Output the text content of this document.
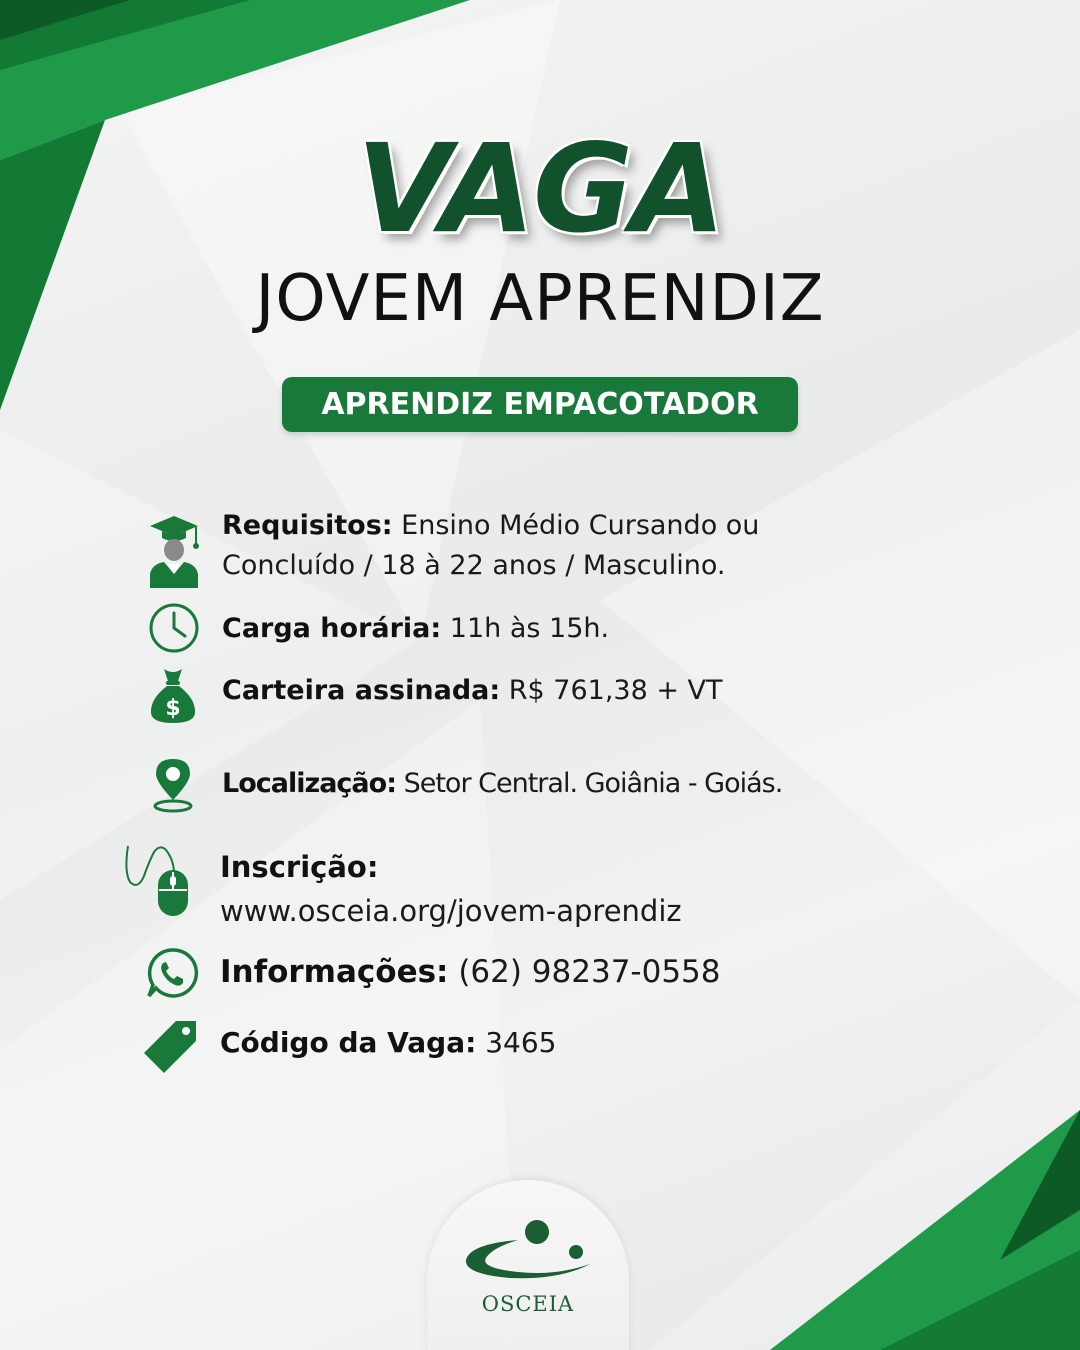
VAGA
JOVEM APRENDIZ
APRENDIZ EMPACOTADOR
Requisitos: Ensino Médio Cursando ou
Concluído / 18 à 22 anos / Masculino.
Carga horária: 11h às 15h.
$
Carteira assinada: R$ 761,38 + VT
Localização: Setor Central. Goiânia - Goiás.
Inscrição:
www.osceia.org/jovem-aprendiz
Informações: (62) 98237-0558
Código da Vaga: 3465
OSCEIA
